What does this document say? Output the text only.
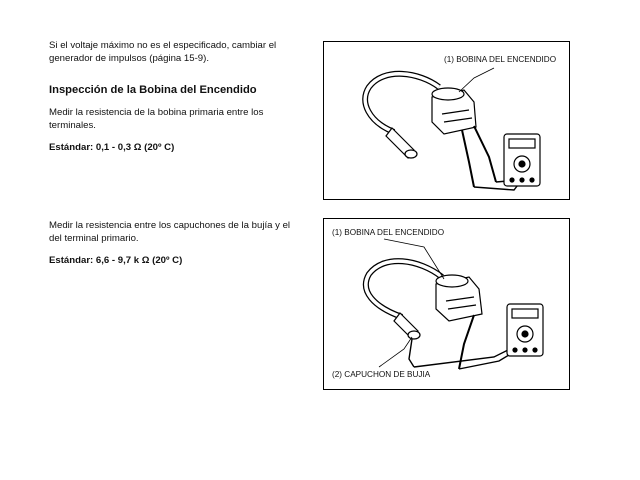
Si el voltaje máximo no es el especificado, cambiar el generador de impulsos (página 15-9).

Inspección de la Bobina del Encendido

Medir la resistencia de la bobina primaria entre los terminales.

Estándar: 0,1 - 0,3 Ω (20º C)

Medir la resistencia entre los capuchones de la bujía y el del terminal primario.

Estándar: 6,6 - 9,7 k Ω (20º C)

(1) BOBINA DEL ENCENDIDO
(1) BOBINA DEL ENCENDIDO
(2) CAPUCHON DE BUJIA
